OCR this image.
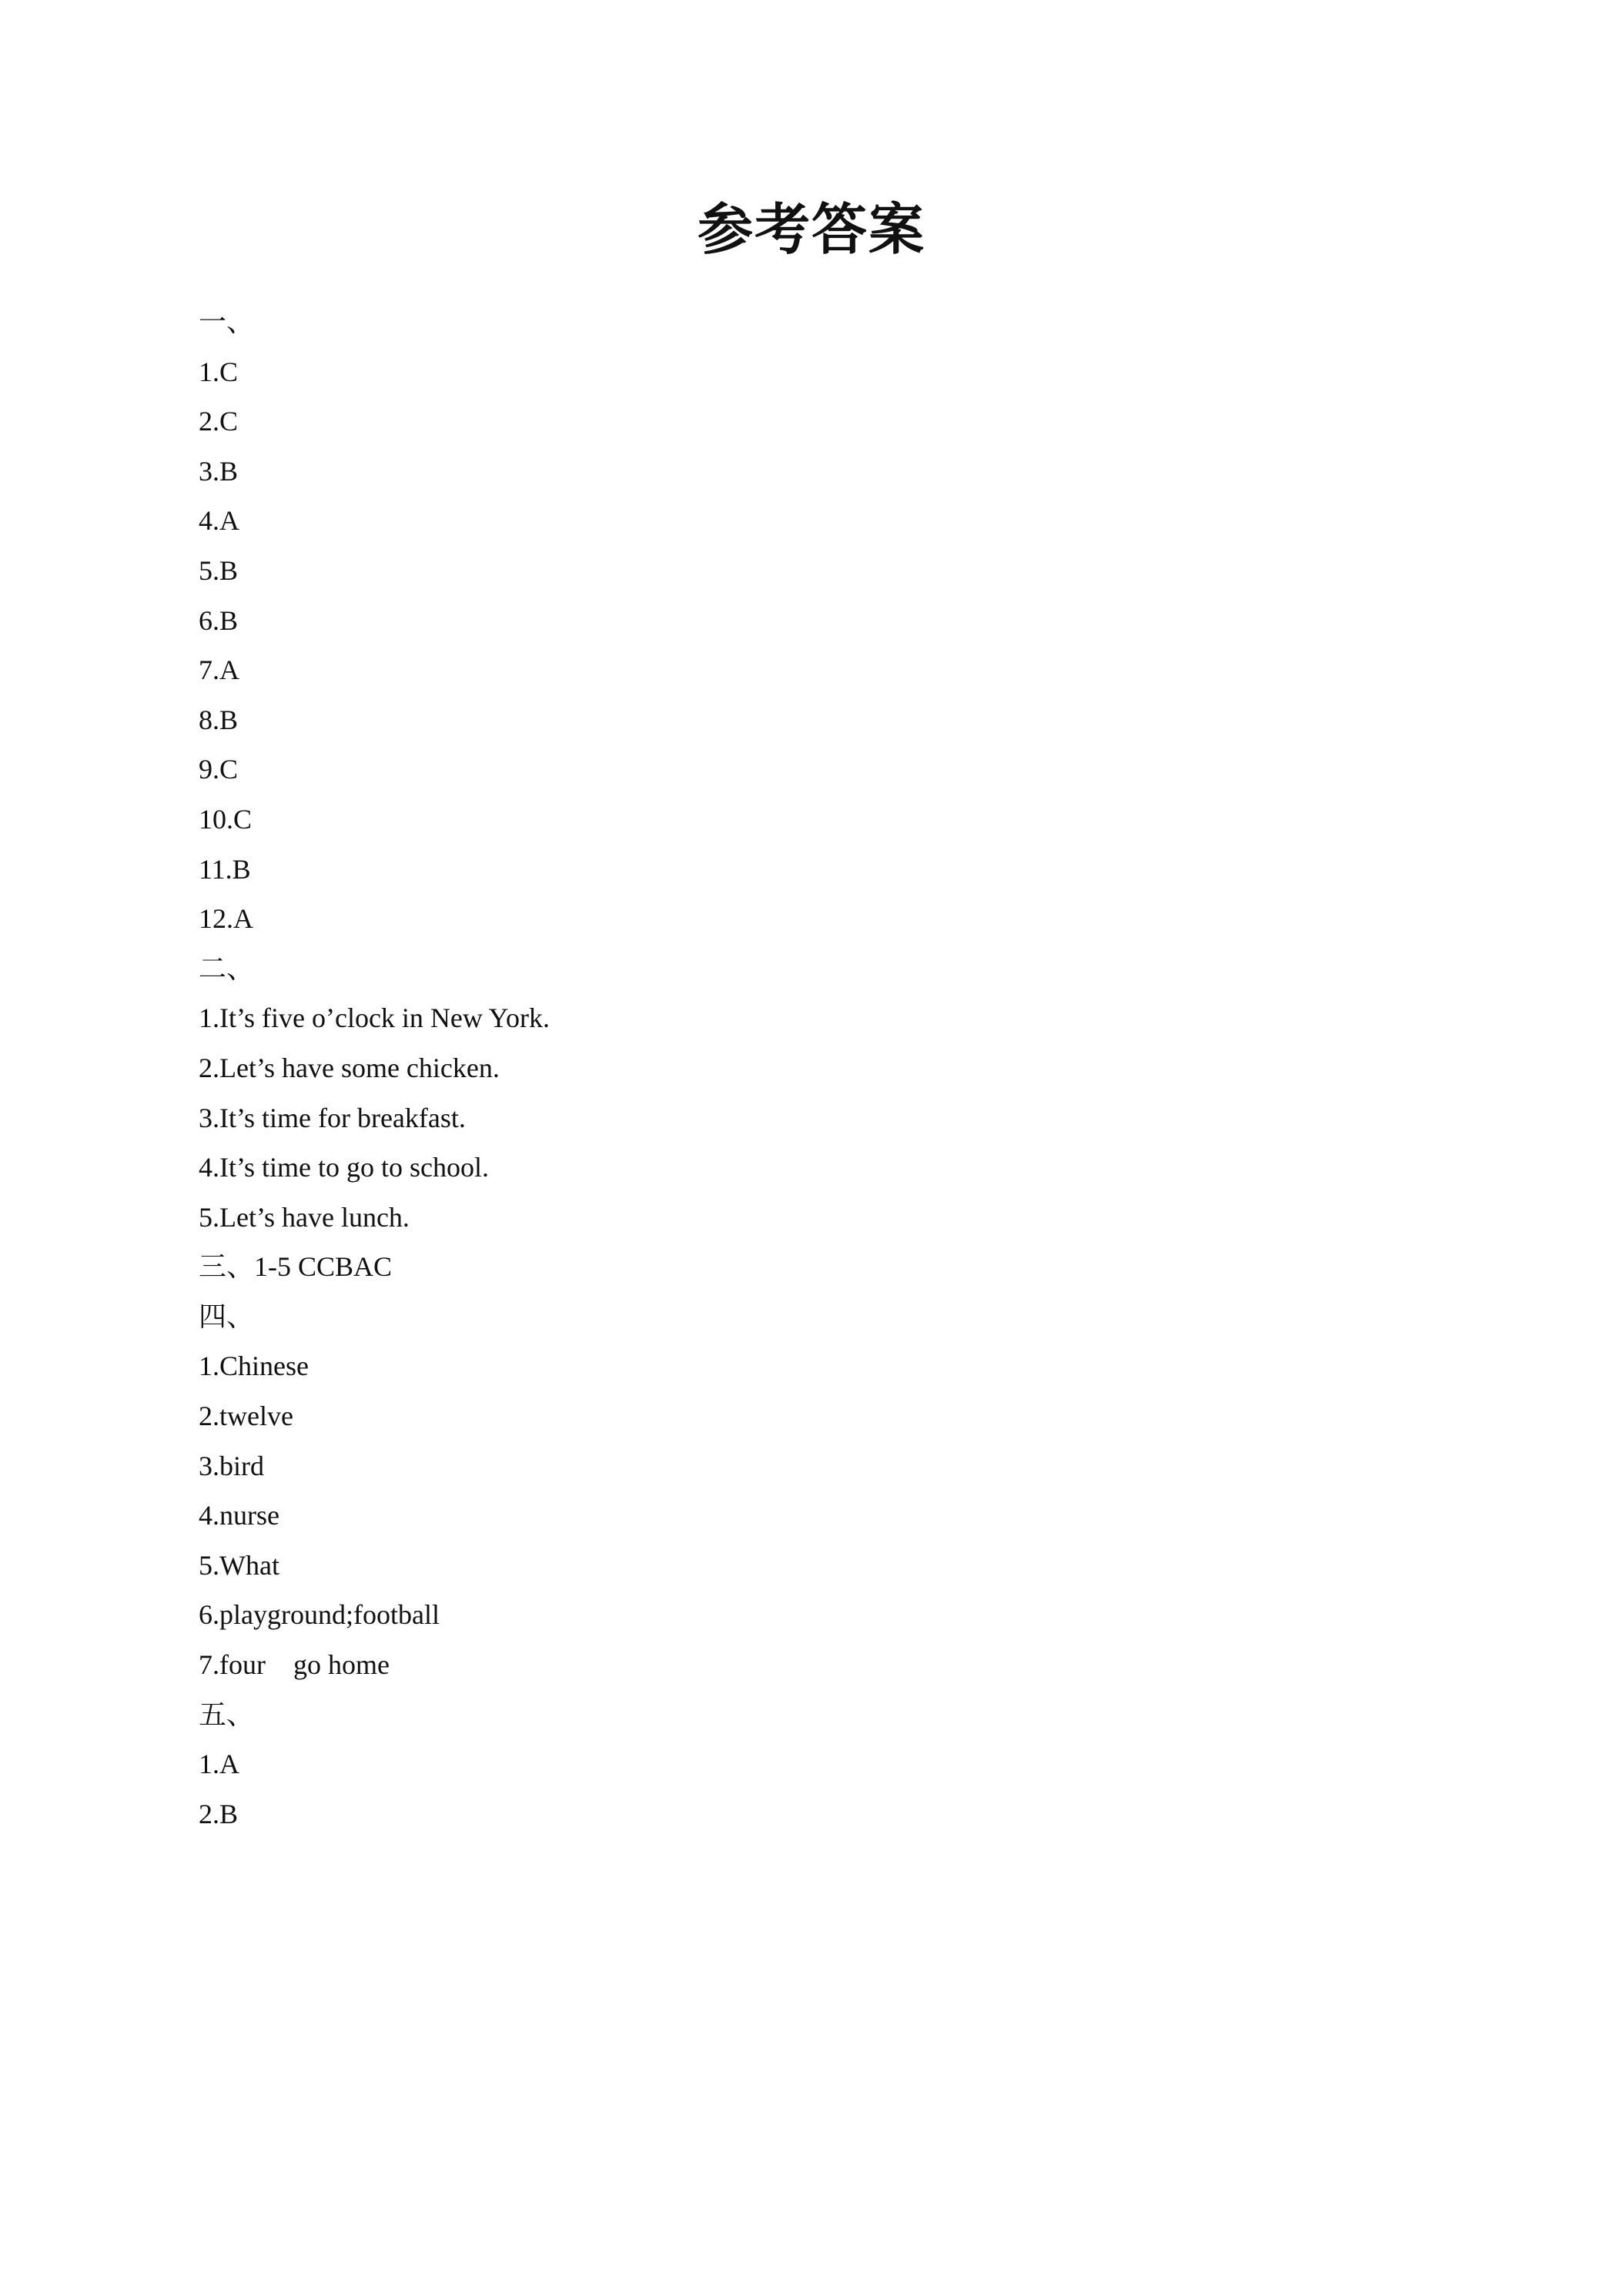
参考答案
一、
1.C
2.C
3.B
4.A
5.B
6.B
7.A
8.B
9.C
10.C
11.B
12.A
二、
1.It’s five o’clock in New York.
2.Let’s have some chicken.
3.It’s time for breakfast.
4.It’s time to go to school.
5.Let’s have lunch.
三、1-5 CCBAC
四、
1.Chinese
2.twelve
3.bird
4.nurse
5.What
6.playground;football
7.four    go home
五、
1.A
2.B
